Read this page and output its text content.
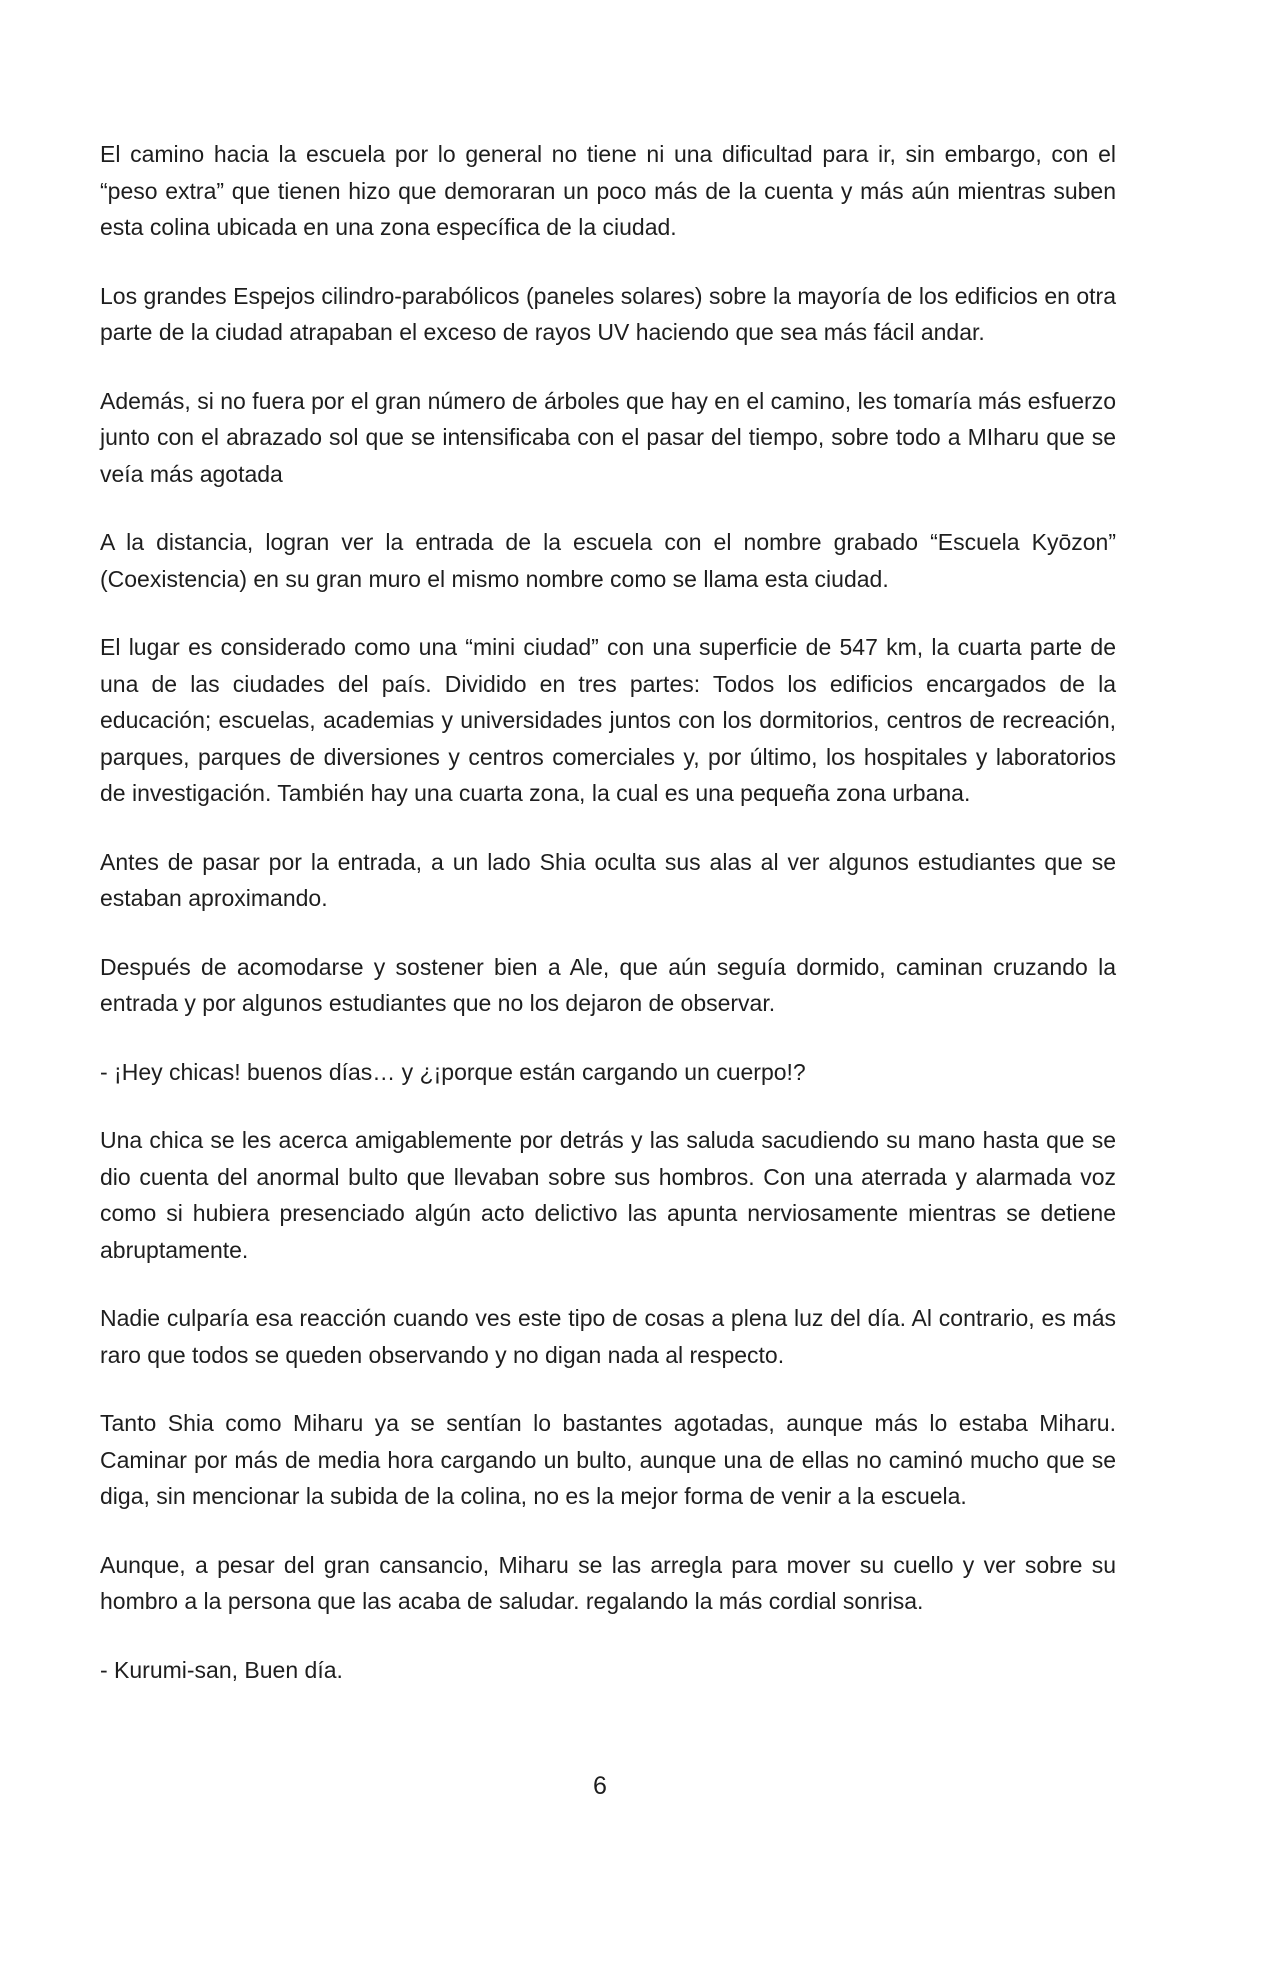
El camino hacia la escuela por lo general no tiene ni una dificultad para ir, sin embargo, con el “peso extra” que tienen hizo que demoraran un poco más de la cuenta y más aún mientras suben esta colina ubicada en una zona específica de la ciudad.

Los grandes Espejos cilindro-parabólicos (paneles solares) sobre la mayoría de los edificios en otra parte de la ciudad atrapaban el exceso de rayos UV haciendo que sea más fácil andar.

Además, si no fuera por el gran número de árboles que hay en el camino, les tomaría más esfuerzo junto con el abrazado sol que se intensificaba con el pasar del tiempo, sobre todo a MIharu que se veía más agotada

A la distancia, logran ver la entrada de la escuela con el nombre grabado “Escuela Kyōzon” (Coexistencia) en su gran muro el mismo nombre como se llama esta ciudad.

El lugar es considerado como una “mini ciudad” con una superficie de 547 km, la cuarta parte de una de las ciudades del país. Dividido en tres partes: Todos los edificios encargados de la educación; escuelas, academias y universidades juntos con los dormitorios, centros de recreación, parques, parques de diversiones y centros comerciales y, por último, los hospitales y laboratorios de investigación. También hay una cuarta zona, la cual es una pequeña zona urbana.

Antes de pasar por la entrada, a un lado Shia oculta sus alas al ver algunos estudiantes que se estaban aproximando.

Después de acomodarse y sostener bien a Ale, que aún seguía dormido, caminan cruzando la entrada y por algunos estudiantes que no los dejaron de observar.

- ¡Hey chicas! buenos días… y ¿¡porque están cargando un cuerpo!?

Una chica se les acerca amigablemente por detrás y las saluda sacudiendo su mano hasta que se dio cuenta del anormal bulto que llevaban sobre sus hombros. Con una aterrada y alarmada voz como si hubiera presenciado algún acto delictivo las apunta nerviosamente mientras se detiene abruptamente.

Nadie culparía esa reacción cuando ves este tipo de cosas a plena luz del día. Al contrario, es más raro que todos se queden observando y no digan nada al respecto.

Tanto Shia como Miharu ya se sentían lo bastantes agotadas, aunque más lo estaba Miharu. Caminar por más de media hora cargando un bulto, aunque una de ellas no caminó mucho que se diga, sin mencionar la subida de la colina, no es la mejor forma de venir a la escuela.

Aunque, a pesar del gran cansancio, Miharu se las arregla para mover su cuello y ver sobre su hombro a la persona que las acaba de saludar. regalando la más cordial sonrisa.

- Kurumi-san, Buen día.

6
